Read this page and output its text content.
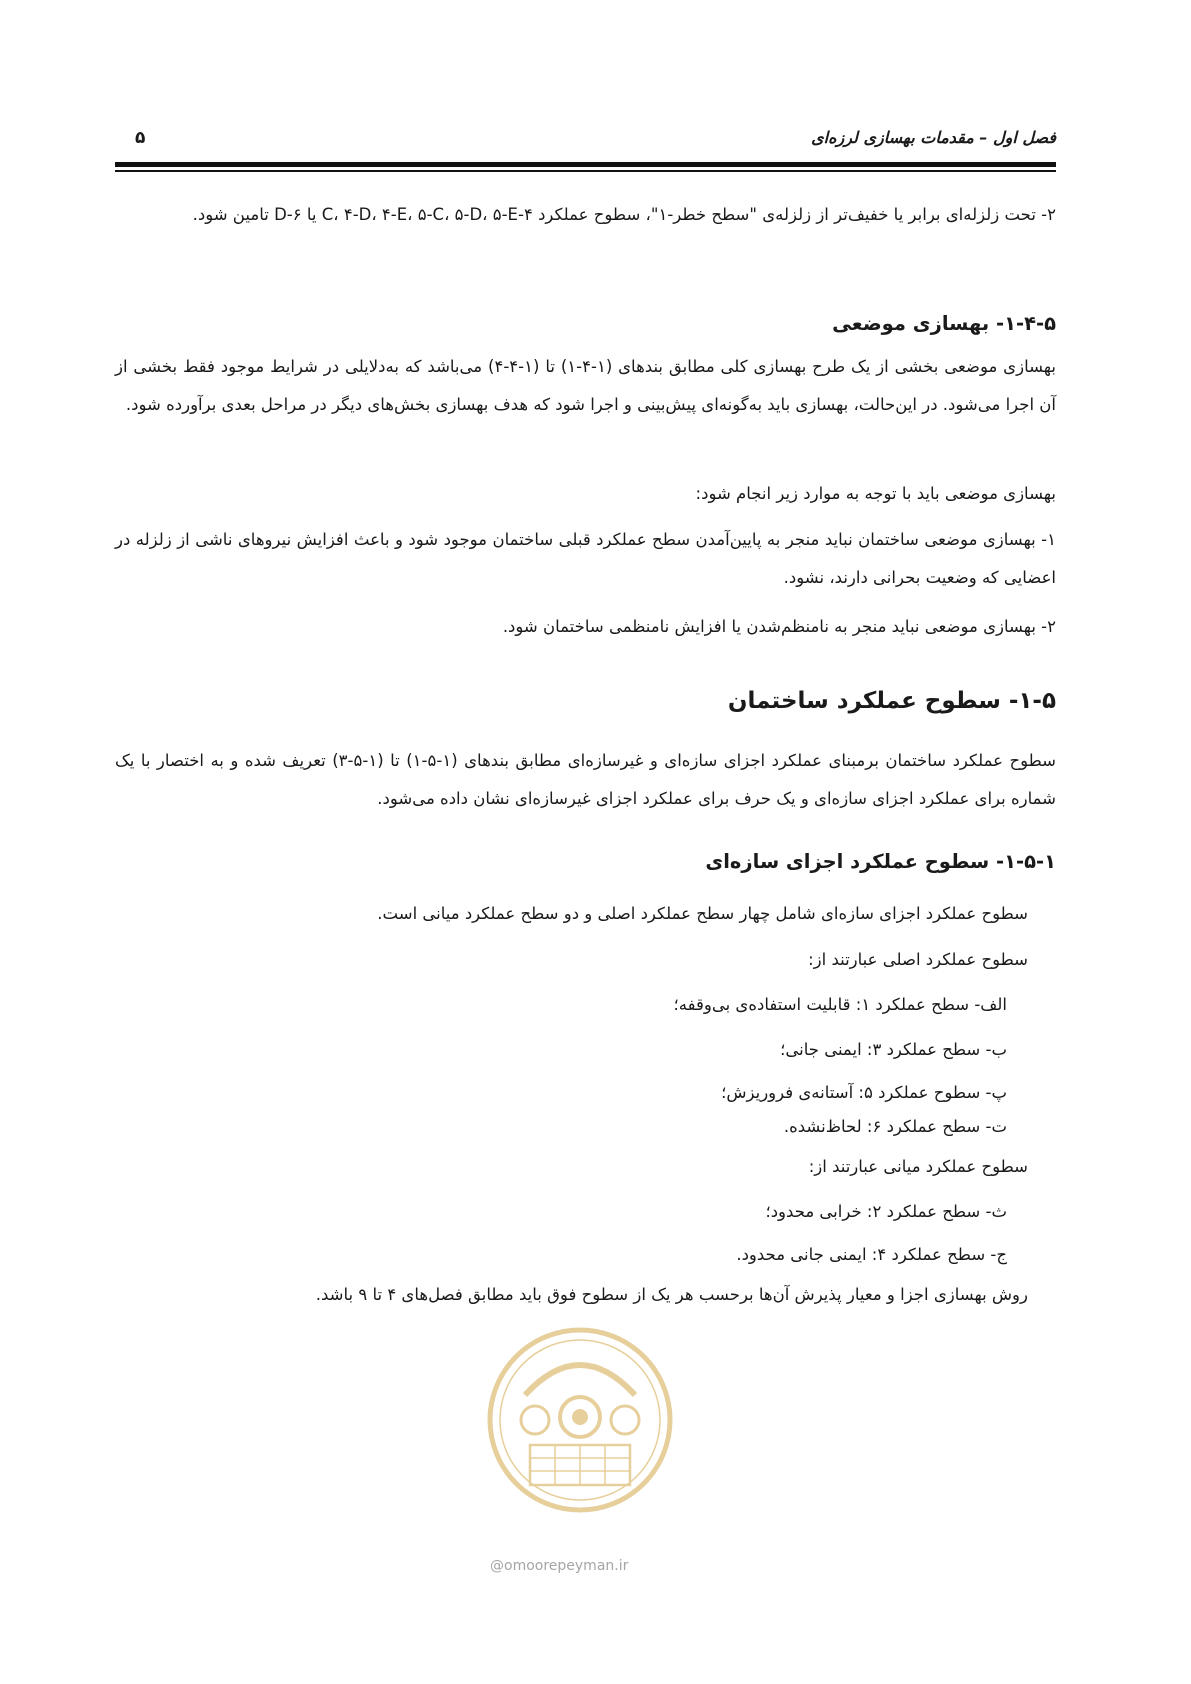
فصل اول – مقدمات بهسازی لرزه‌ای
۵
۲- تحت زلزله‌ای برابر یا خفیف‌تر از زلزله‌ی "سطح خطر-۱"، سطوح عملکرد ۴-C، ۴-D، ۴-E، ۵-C، ۵-D، ۵-E یا ۶-D تامین شود.
۱-۴-۵- بهسازی موضعی
بهسازی موضعی بخشی از یک طرح بهسازی کلی مطابق بندهای (۱-۴-۱) تا (۱-۴-۴) می‌باشد که به‌دلایلی در شرایط موجود فقط بخشی از آن اجرا می‌شود. در این‌حالت، بهسازی باید به‌گونه‌ای پیش‌بینی و اجرا شود که هدف بهسازی بخش‌های دیگر در مراحل بعدی برآورده شود.
بهسازی موضعی باید با توجه به موارد زیر انجام شود:
۱- بهسازی موضعی ساختمان نباید منجر به پایین‌آمدن سطح عملکرد قبلی ساختمان موجود شود و باعث افزایش نیروهای ناشی از زلزله در اعضایی که وضعیت بحرانی دارند، نشود.
۲- بهسازی موضعی نباید منجر به نامنظم‌شدن یا افزایش نامنظمی ساختمان شود.
۱-۵- سطوح عملکرد ساختمان
سطوح عملکرد ساختمان برمبنای عملکرد اجزای سازه‌ای و غیرسازه‌ای مطابق بندهای (۱-۵-۱) تا (۱-۵-۳) تعریف شده و به اختصار با یک شماره برای عملکرد اجزای سازه‌ای و یک حرف برای عملکرد اجزای غیرسازه‌ای نشان داده می‌شود.
۱-۵-۱- سطوح عملکرد اجزای سازه‌ای
سطوح عملکرد اجزای سازه‌ای شامل چهار سطح عملکرد اصلی و دو سطح عملکرد میانی است.
سطوح عملکرد اصلی عبارتند از:
الف- سطح عملکرد ۱: قابلیت استفاده‌ی بی‌وقفه؛
ب- سطح عملکرد ۳: ایمنی جانی؛
پ- سطوح عملکرد ۵: آستانه‌ی فروریزش؛
ت- سطح عملکرد ۶: لحاظ‌نشده.
سطوح عملکرد میانی عبارتند از:
ث- سطح عملکرد ۲: خرابی محدود؛
ج- سطح عملکرد ۴: ایمنی جانی محدود.
روش بهسازی اجزا و معیار پذیرش آن‌ها برحسب هر یک از سطوح فوق باید مطابق فصل‌های ۴ تا ۹ باشد.
@omoorepeyman.ir
